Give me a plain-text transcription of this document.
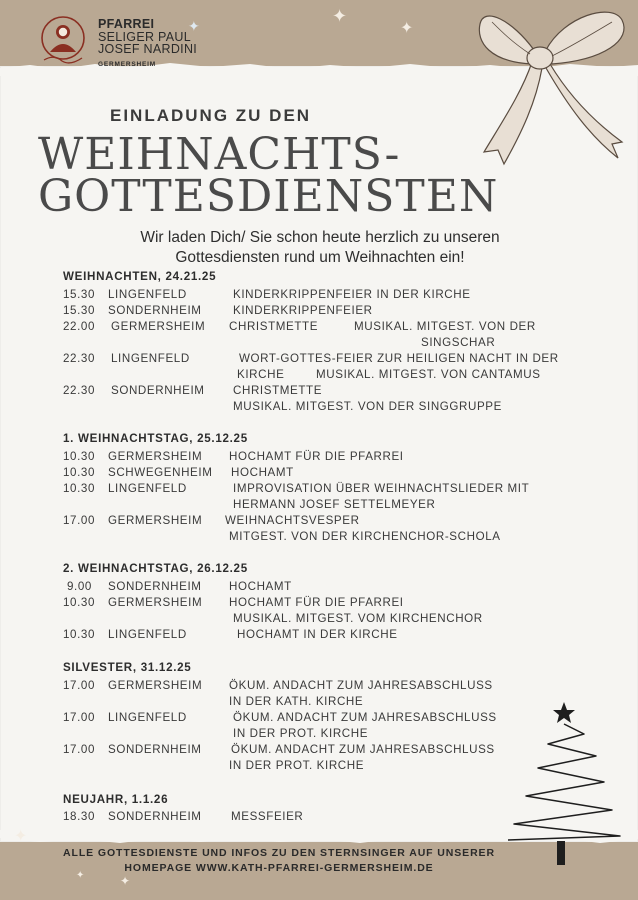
PFARREI
SELIGER PAUL
JOSEF NARDINI
GERMERSHEIM
✦	✦
✦
EINLADUNG ZU DEN
WEIHNACHTS-
GOTTESDIENSTEN
Wir laden Dich/ Sie schon heute herzlich zu unseren
Gottesdiensten rund um Weihnachten ein!
WEIHNACHTEN, 24.21.25
15.30 LINGENFELD	KINDERKRIPPENFEIER IN DER KIRCHE
15.30 SONDERNHEIM	KINDERKRIPPENFEIER
22.00 GERMERSHEIM CHRISTMETTE	MUSIKAL. MITGEST. VON DER
SINGSCHAR
22.30 LINGENFELD	WORT-GOTTES-FEIER ZUR HEILIGEN NACHT IN DER
KIRCHE	MUSIKAL. MITGEST. VON CANTAMUS
22.30 SONDERNHEIM CHRISTMETTE
MUSIKAL. MITGEST. VON DER SINGGRUPPE
1. WEIHNACHTSTAG, 25.12.25
10.30 GERMERSHEIM HOCHAMT FÜR DIE PFARREI
10.30 SCHWEGENHEIM HOCHAMT
10.30 LINGENFELD	IMPROVISATION ÜBER WEIHNACHTSLIEDER MIT
HERMANN JOSEF SETTELMEYER
17.00 GERMERSHEIM WEIHNACHTSVESPER
MITGEST. VON DER KIRCHENCHOR-SCHOLA
2. WEIHNACHTSTAG, 26.12.25
9.00 SONDERNHEIM HOCHAMT
10.30 GERMERSHEIM HOCHAMT FÜR DIE PFARREI
MUSIKAL. MITGEST. VOM KIRCHENCHOR
10.30 LINGENFELD	HOCHAMT IN DER KIRCHE
SILVESTER, 31.12.25
17.00 GERMERSHEIM ÖKUM. ANDACHT ZUM JAHRESABSCHLUSS
IN DER KATH. KIRCHE
17.00 LINGENFELD	ÖKUM. ANDACHT ZUM JAHRESABSCHLUSS
IN DER PROT. KIRCHE
17.00 SONDERNHEIM	ÖKUM. ANDACHT ZUM JAHRESABSCHLUSS
IN DER PROT. KIRCHE
NEUJAHR, 1.1.26
18.30 SONDERNHEIM	MESSFEIER
✦
✦	✦
ALLE GOTTESDIENSTE UND INFOS ZU DEN STERNSINGER AUF UNSERER
HOMEPAGE WWW.KATH-PFARREI-GERMERSHEIM.DE
